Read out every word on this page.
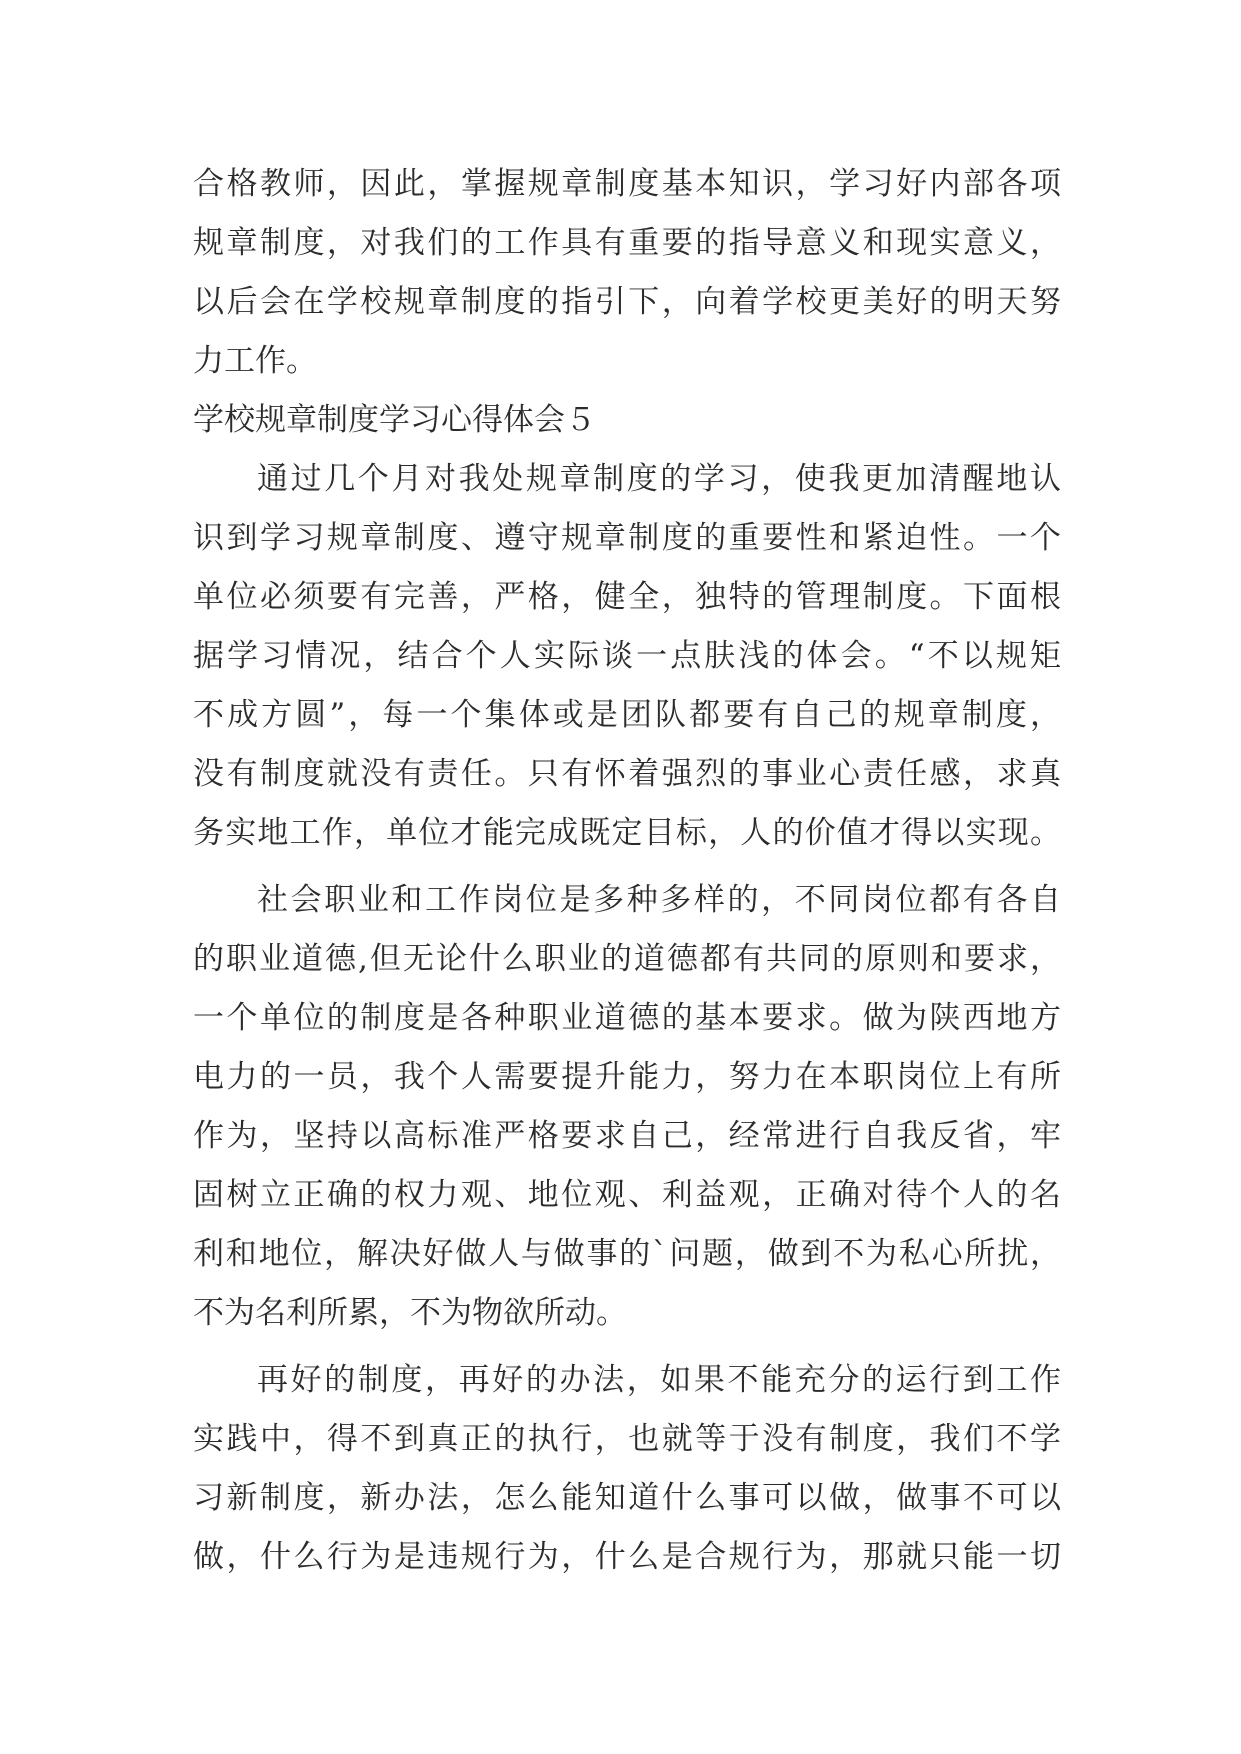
合格教师，因此，掌握规章制度基本知识，学习好内部各项
规章制度，对我们的工作具有重要的指导意义和现实意义，
以后会在学校规章制度的指引下，向着学校更美好的明天努
力工作。
学校规章制度学习心得体会５
通过几个月对我处规章制度的学习，使我更加清醒地认
识到学习规章制度、遵守规章制度的重要性和紧迫性。一个
单位必须要有完善，严格，健全，独特的管理制度。下面根
据学习情况，结合个人实际谈一点肤浅的体会。“不以规矩
不成方圆”，每一个集体或是团队都要有自己的规章制度，
没有制度就没有责任。只有怀着强烈的事业心责任感，求真
务实地工作，单位才能完成既定目标，人的价值才得以实现。
社会职业和工作岗位是多种多样的，不同岗位都有各自
的职业道德,但无论什么职业的道德都有共同的原则和要求，
一个单位的制度是各种职业道德的基本要求。做为陕西地方
电力的一员，我个人需要提升能力，努力在本职岗位上有所
作为，坚持以高标准严格要求自己，经常进行自我反省，牢
固树立正确的权力观、地位观、利益观，正确对待个人的名
利和地位，解决好做人与做事的`问题，做到不为私心所扰，
不为名利所累，不为物欲所动。
再好的制度，再好的办法，如果不能充分的运行到工作
实践中，得不到真正的执行，也就等于没有制度，我们不学
习新制度，新办法，怎么能知道什么事可以做，做事不可以
做，什么行为是违规行为，什么是合规行为，那就只能一切
